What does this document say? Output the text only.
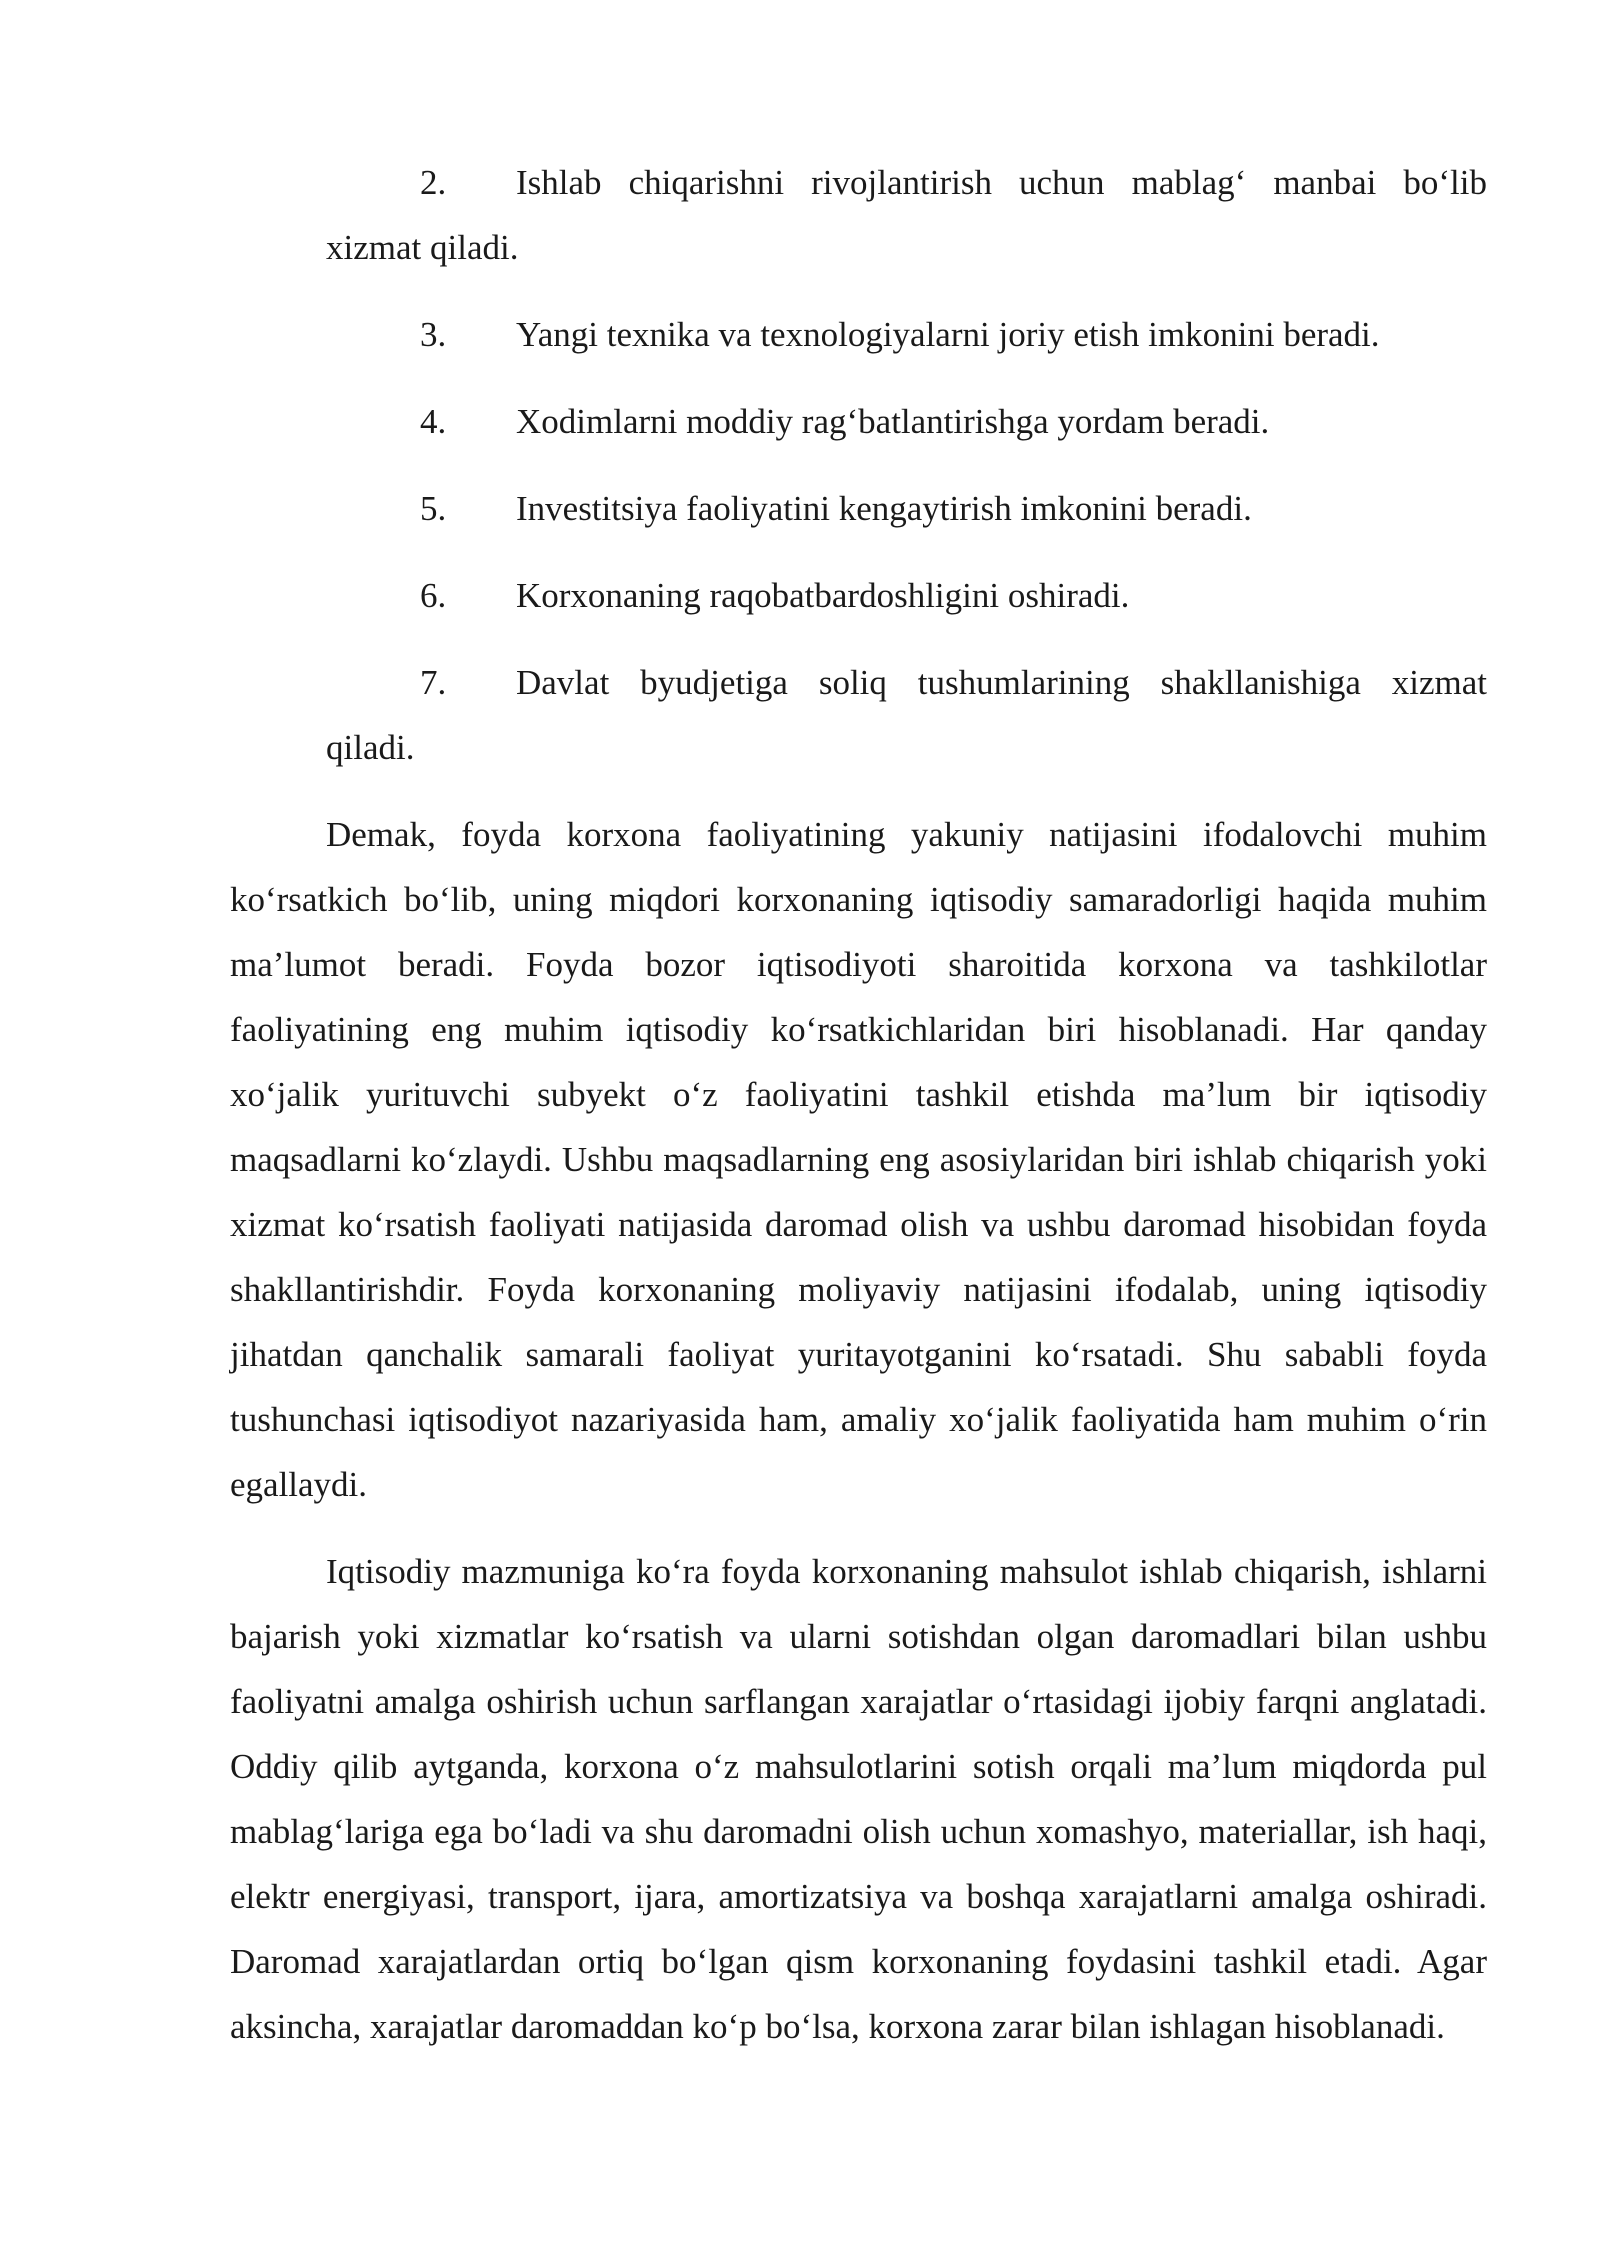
2.	Ishlab chiqarishni rivojlantirish uchun mablag‘ manbai bo‘lib
xizmat qiladi.
3.	Yangi texnika va texnologiyalarni joriy etish imkonini beradi.
4.	Xodimlarni moddiy rag‘batlantirishga yordam beradi.
5.	Investitsiya faoliyatini kengaytirish imkonini beradi.
6.	Korxonaning raqobatbardoshligini oshiradi.
7.	Davlat byudjetiga soliq tushumlarining shakllanishiga xizmat
qiladi.

Demak, foyda korxona faoliyatining yakuniy natijasini ifodalovchi muhim ko‘rsatkich bo‘lib, uning miqdori korxonaning iqtisodiy samaradorligi haqida muhim ma’lumot beradi. Foyda bozor iqtisodiyoti sharoitida korxona va tashkilotlar faoliyatining eng muhim iqtisodiy ko‘rsatkichlaridan biri hisoblanadi. Har qanday xo‘jalik yurituvchi subyekt o‘z faoliyatini tashkil etishda ma’lum bir iqtisodiy maqsadlarni ko‘zlaydi. Ushbu maqsadlarning eng asosiylaridan biri ishlab chiqarish yoki xizmat ko‘rsatish faoliyati natijasida daromad olish va ushbu daromad hisobidan foyda shakllantirishdir. Foyda korxonaning moliyaviy natijasini ifodalab, uning iqtisodiy jihatdan qanchalik samarali faoliyat yuritayotganini ko‘rsatadi. Shu sababli foyda tushunchasi iqtisodiyot nazariyasida ham, amaliy xo‘jalik faoliyatida ham muhim o‘rin egallaydi.

Iqtisodiy mazmuniga ko‘ra foyda korxonaning mahsulot ishlab chiqarish, ishlarni bajarish yoki xizmatlar ko‘rsatish va ularni sotishdan olgan daromadlari bilan ushbu faoliyatni amalga oshirish uchun sarflangan xarajatlar o‘rtasidagi ijobiy farqni anglatadi. Oddiy qilib aytganda, korxona o‘z mahsulotlarini sotish orqali ma’lum miqdorda pul mablag‘lariga ega bo‘ladi va shu daromadni olish uchun xomashyo, materiallar, ish haqi, elektr energiyasi, transport, ijara, amortizatsiya va boshqa xarajatlarni amalga oshiradi. Daromad xarajatlardan ortiq bo‘lgan qism korxonaning foydasini tashkil etadi. Agar aksincha, xarajatlar daromaddan ko‘p bo‘lsa, korxona zarar bilan ishlagan hisoblanadi.
